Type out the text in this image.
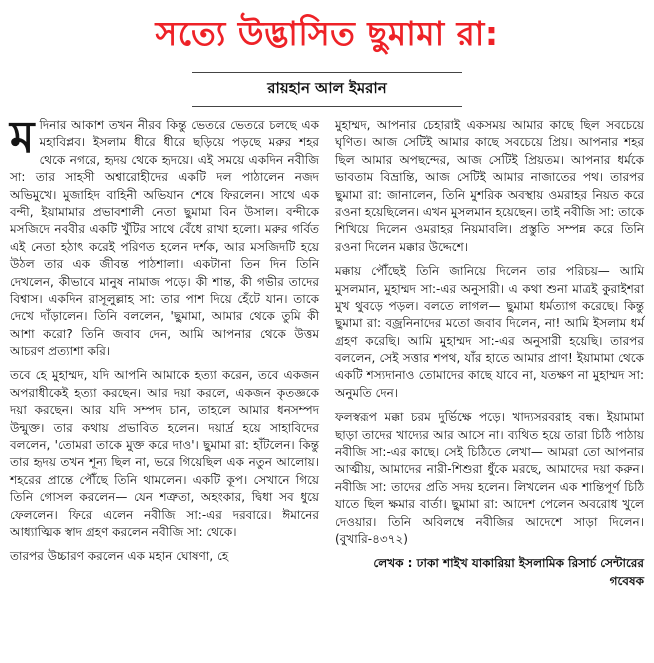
সত্যে উদ্ভাসিত ছুমামা রা:
রায়হান আল ইমরান

মদিনার আকাশ তখন নীরব কিন্তু ভেতরে ভেতরে চলছে এক মহাবিপ্লব। ইসলাম ধীরে ধীরে ছড়িয়ে পড়ছে মরুর শহর থেকে নগরে, হৃদয় থেকে হৃদয়ে। এই সময়ে একদিন নবীজি সা: তার সাহসী অশ্বারোহীদের একটি দল পাঠালেন নজদ অভিমুখে। মুজাহিদ বাহিনী অভিযান শেষে ফিরলেন। সাথে এক বন্দী, ইয়ামামার প্রভাবশালী নেতা ছুমামা বিন উসাল। বন্দীকে মসজিদে নববীর একটি খুঁটির সাথে বেঁধে রাখা হলো। মরুর গর্বিত এই নেতা হঠাৎ করেই পরিণত হলেন দর্শক, আর মসজিদটি হয়ে উঠল তার এক জীবন্ত পাঠশালা। একটানা তিন দিন তিনি দেখলেন, কীভাবে মানুষ নামাজ পড়ে। কী শান্ত, কী গভীর তাদের বিশ্বাস। একদিন রাসূলুল্লাহ সা: তার পাশ দিয়ে হেঁটে যান। তাকে দেখে দাঁড়ালেন। তিনি বললেন, 'ছুমামা, আমার থেকে তুমি কী আশা করো? তিনি জবাব দেন, আমি আপনার থেকে উত্তম আচরণ প্রত্যাশা করি।

তবে হে মুহাম্মদ, যদি আপনি আমাকে হত্যা করেন, তবে একজন অপরাধীকেই হত্যা করছেন। আর দয়া করলে, একজন কৃতজ্ঞকে দয়া করছেন। আর যদি সম্পদ চান, তাহলে আমার ধনসম্পদ উন্মুক্ত। তার কথায় প্রভাবিত হলেন। দয়ার্দ্র হয়ে সাহাবিদের বললেন, 'তোমরা তাকে মুক্ত করে দাও'। ছুমামা রা: হাঁটলেন। কিন্তু তার হৃদয় তখন শূন্য ছিল না, ভরে গিয়েছিল এক নতুন আলোয়। শহরের প্রান্তে পৌঁছে তিনি থামলেন। একটি কূপ। সেখানে গিয়ে তিনি গোসল করলেন— যেন শত্রুতা, অহংকার, দ্বিধা সব ধুয়ে ফেললেন। ফিরে এলেন নবীজি সা:-এর দরবারে। ঈমানের আধ্যাত্মিক স্বাদ গ্রহণ করলেন নবীজি সা: থেকে।

তারপর উচ্চারণ করলেন এক মহান ঘোষণা, হে

মুহাম্মদ, আপনার চেহারাই একসময় আমার কাছে ছিল সবচেয়ে ঘৃণিত। আজ সেটিই আমার কাছে সবচেয়ে প্রিয়। আপনার শহর ছিল আমার অপছন্দের, আজ সেটিই প্রিয়তম। আপনার ধর্মকে ভাবতাম বিভ্রান্তি, আজ সেটিই আমার নাজাতের পথ। তারপর ছুমামা রা: জানালেন, তিনি মুশরিক অবস্থায় ওমরাহর নিয়ত করে রওনা হয়েছিলেন। এখন মুসলমান হয়েছেন। তাই নবীজি সা: তাকে শিখিয়ে দিলেন ওমরাহর নিয়মাবলি। প্রস্তুতি সম্পন্ন করে তিনি রওনা দিলেন মক্কার উদ্দেশে।

মক্কায় পৌঁছেই তিনি জানিয়ে দিলেন তার পরিচয়— আমি মুসলমান, মুহাম্মদ সা:-এর অনুসারী। এ কথা শুনা মাত্রই কুরাইশরা মুখ থুবড়ে পড়ল। বলতে লাগল— ছুমামা ধর্মত্যাগ করেছে। কিন্তু ছুমামা রা: বজ্রনিনাদের মতো জবাব দিলেন, না! আমি ইসলাম ধর্ম গ্রহণ করেছি। আমি মুহাম্মদ সা:-এর অনুসারী হয়েছি। তারপর বললেন, সেই সত্তার শপথ, যাঁর হাতে আমার প্রাণ! ইয়ামামা থেকে একটি শস্যদানাও তোমাদের কাছে যাবে না, যতক্ষণ না মুহাম্মদ সা: অনুমতি দেন।

ফলস্বরূপ মক্কা চরম দুর্ভিক্ষে পড়ে। খাদ্যসরবরাহ বন্ধ। ইয়ামামা ছাড়া তাদের খাদ্যের আর আসে না। ব্যথিত হয়ে তারা চিঠি পাঠায় নবীজি সা:-এর কাছে। সেই চিঠিতে লেখা— আমরা তো আপনার আত্মীয়, আমাদের নারী-শিশুরা ধুঁকে মরছে, আমাদের দয়া করুন। নবীজি সা: তাদের প্রতি সদয় হলেন। লিখলেন এক শান্তিপূর্ণ চিঠি যাতে ছিল ক্ষমার বার্তা। ছুমামা রা: আদেশ পেলেন অবরোধ খুলে দেওয়ার। তিনি অবিলম্বে নবীজির আদেশে সাড়া দিলেন। (বুখারি-৪৩৭২)

লেখক : ঢাকা শাইখ যাকারিয়া ইসলামিক রিসার্চ সেন্টারের গবেষক
